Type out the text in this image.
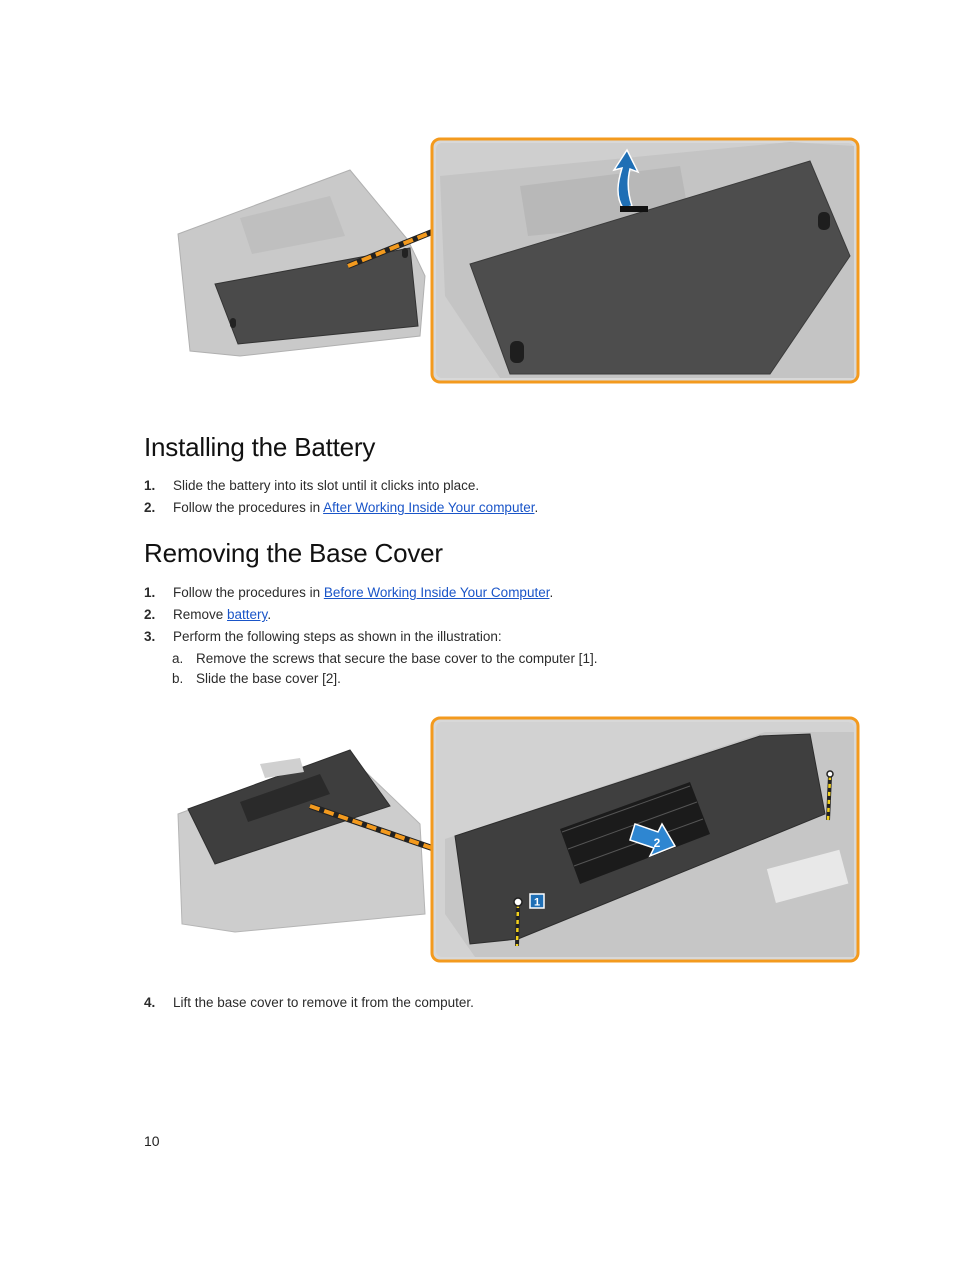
Installing the Battery
1. Slide the battery into its slot until it clicks into place.
2. Follow the procedures in After Working Inside Your computer.
Removing the Base Cover
1. Follow the procedures in Before Working Inside Your Computer.
2. Remove battery.
3. Perform the following steps as shown in the illustration:
a. Remove the screws that secure the base cover to the computer [1].
b. Slide the base cover [2].
1
2
4. Lift the base cover to remove it from the computer.
10
